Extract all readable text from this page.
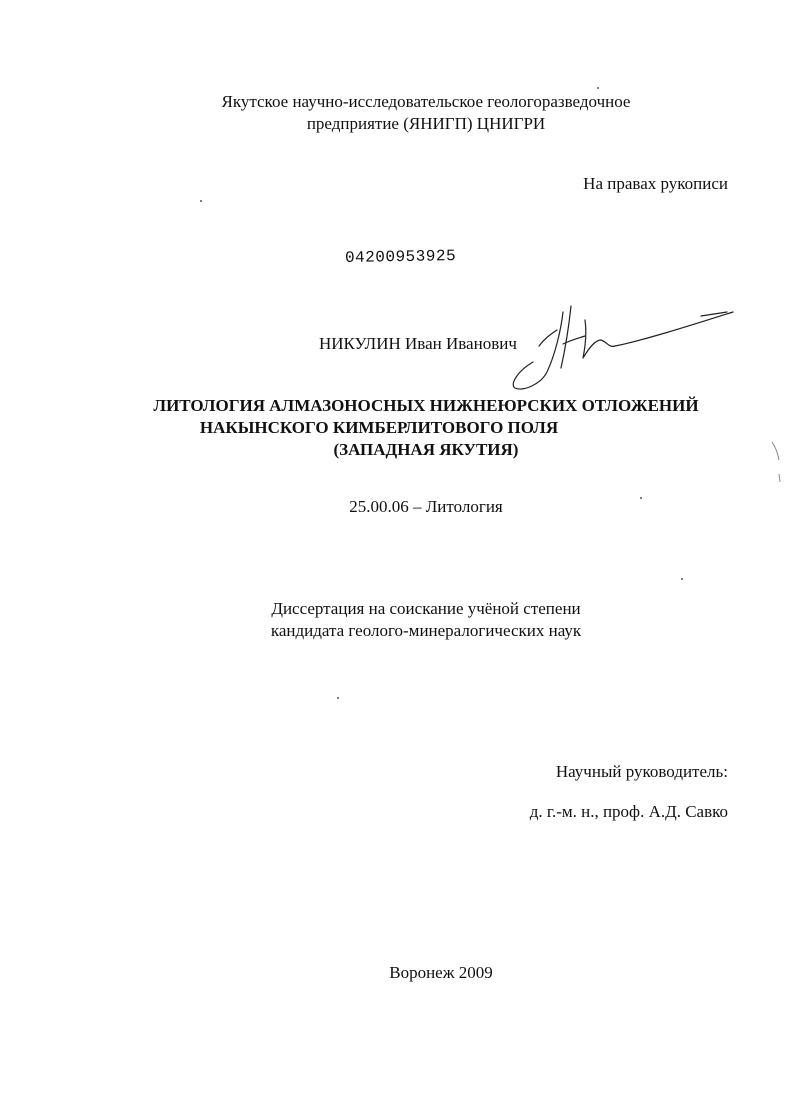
Якутское научно-исследовательское геологоразведочное
предприятие (ЯНИГП) ЦНИГРИ
На правах рукописи
04200953925
НИКУЛИН Иван Иванович
ЛИТОЛОГИЯ АЛМАЗОНОСНЫХ НИЖНЕЮРСКИХ ОТЛОЖЕНИЙ
НАКЫНСКОГО КИМБЕРЛИТОВОГО ПОЛЯ
(ЗАПАДНАЯ ЯКУТИЯ)
25.00.06 – Литология
Диссертация на соискание учёной степени
кандидата геолого-минералогических наук
Научный руководитель:
д. г.-м. н., проф. А.Д. Савко
Воронеж 2009
